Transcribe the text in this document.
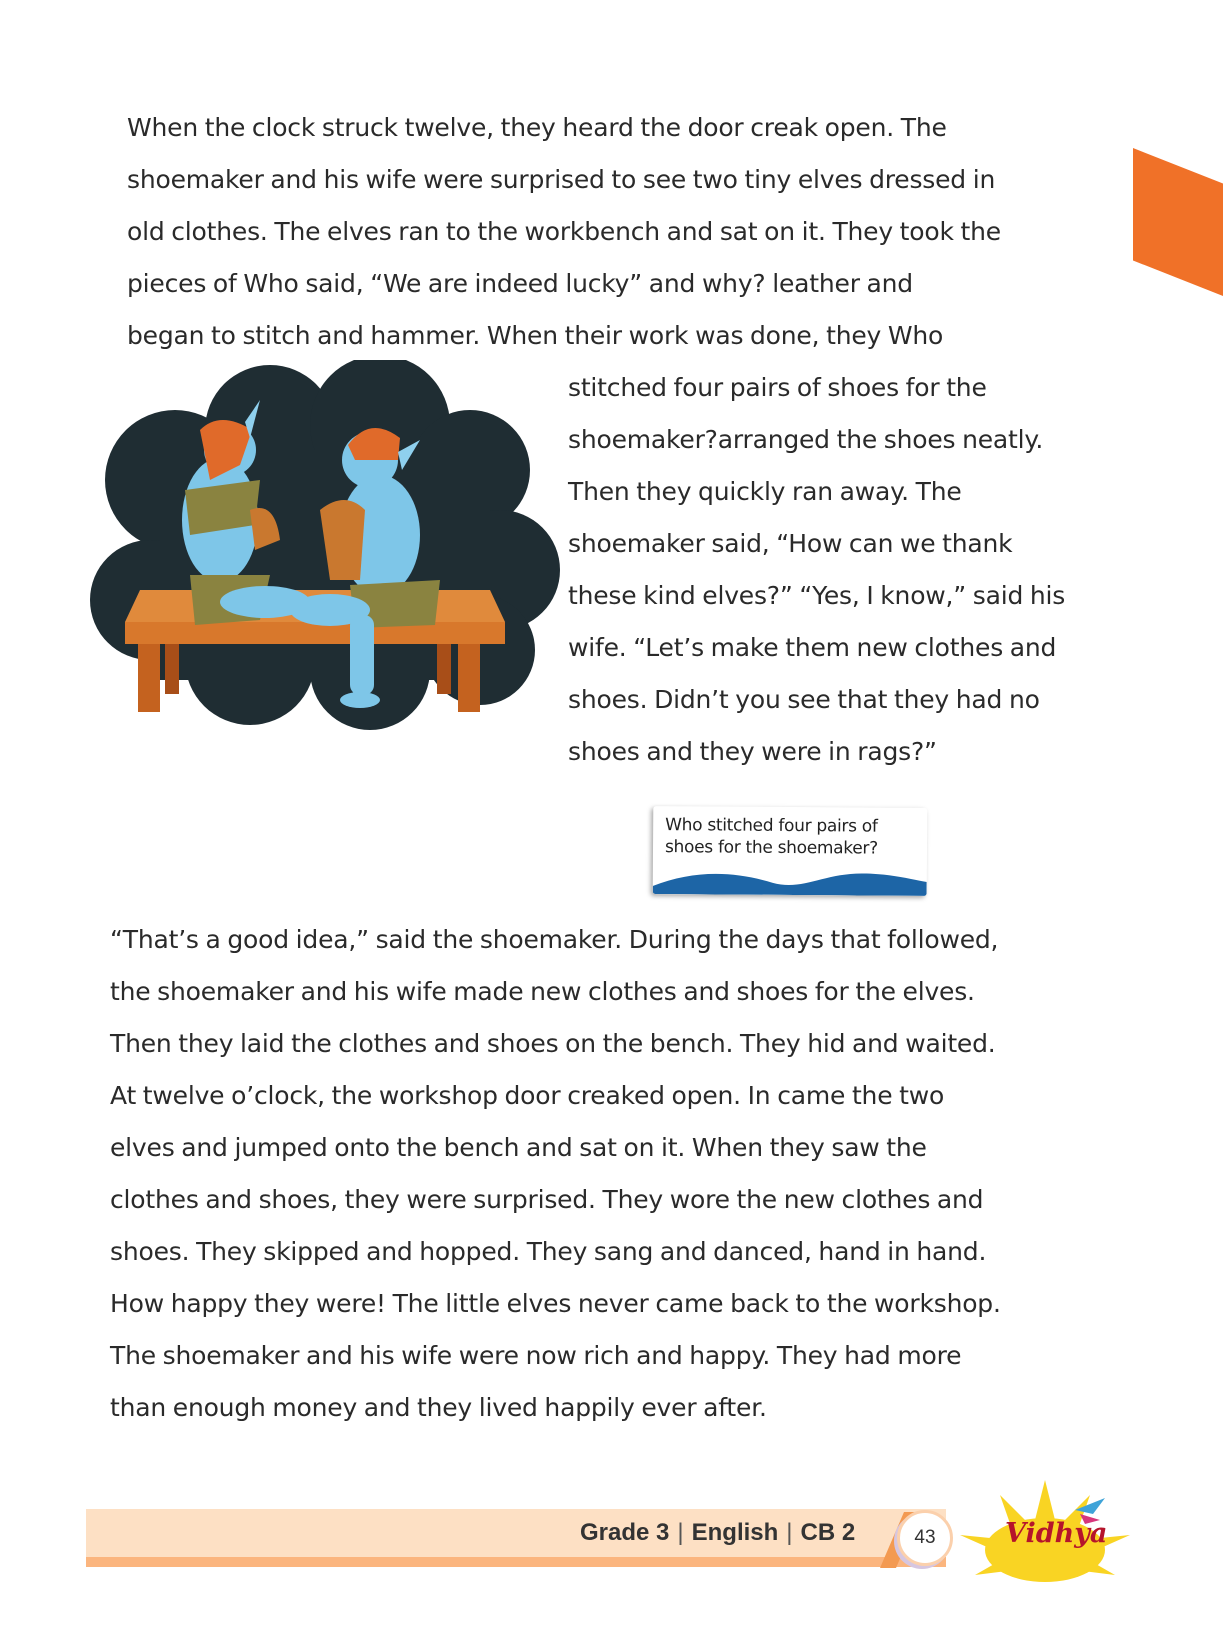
When the clock struck twelve, they heard the door creak open. The
shoemaker and his wife were surprised to see two tiny elves dressed in
old clothes. The elves ran to the workbench and sat on it. They took the
pieces of Who said, “We are indeed lucky” and why? leather and
began to stitch and hammer. When their work was done, they Who
stitched four pairs of shoes for the
shoemaker?arranged the shoes neatly.
Then they quickly ran away. The
shoemaker said, “How can we thank
these kind elves?” “Yes, I know,” said his
wife. “Let’s make them new clothes and
shoes. Didn’t you see that they had no
shoes and they were in rags?”
Who stitched four pairs of
shoes for the shoemaker?
“That’s a good idea,” said the shoemaker. During the days that followed,
the shoemaker and his wife made new clothes and shoes for the elves.
Then they laid the clothes and shoes on the bench. They hid and waited.
At twelve o’clock, the workshop door creaked open. In came the two
elves and jumped onto the bench and sat on it. When they saw the
clothes and shoes, they were surprised. They wore the new clothes and
shoes. They skipped and hopped. They sang and danced, hand in hand.
How happy they were! The little elves never came back to the workshop.
The shoemaker and his wife were now rich and happy. They had more
than enough money and they lived happily ever after.
Grade 3 | English | CB 2	43	Vidhya
